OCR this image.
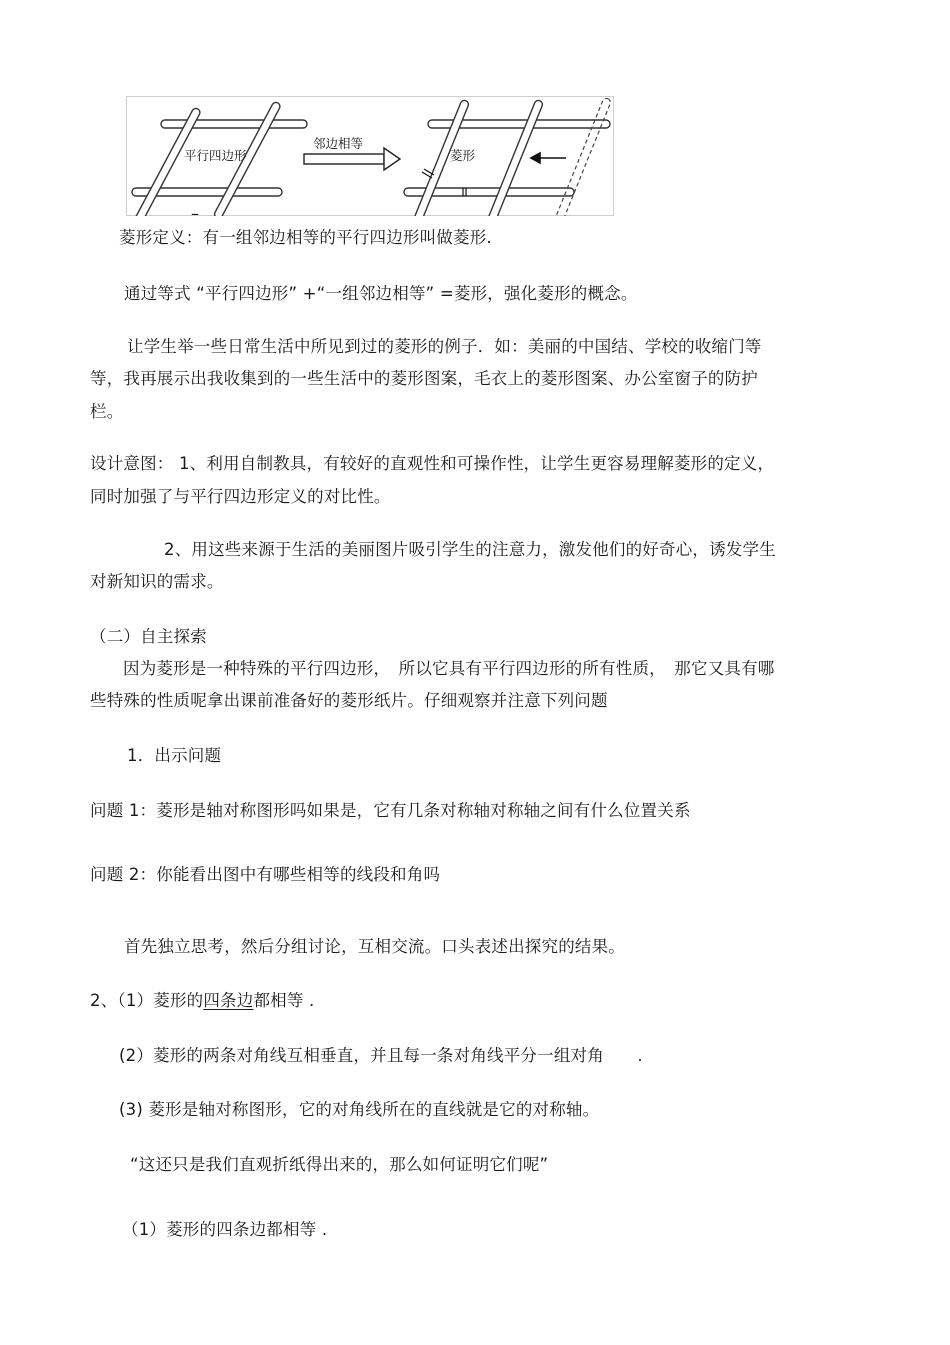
平行四边形
邻边相等
菱形
–
菱形定义：有一组邻边相等的平行四边形叫做菱形.
通过等式 “平行四边形” +“一组邻边相等” =菱形，强化菱形的概念。
让学生举一些日常生活中所见到过的菱形的例子．如：美丽的中国结、学校的收缩门等
等，我再展示出我收集到的一些生活中的菱形图案，毛衣上的菱形图案、办公室窗子的防护
栏。
设计意图： 1、利用自制教具，有较好的直观性和可操作性，让学生更容易理解菱形的定义，
同时加强了与平行四边形定义的对比性。
2、用这些来源于生活的美丽图片吸引学生的注意力，激发他们的好奇心，诱发学生
对新知识的需求。
（二）自主探索
因为菱形是一种特殊的平行四边形，　所以它具有平行四边形的所有性质，　那它又具有哪
些特殊的性质呢拿出课前准备好的菱形纸片。仔细观察并注意下列问题
1．出示问题
问题 1：菱形是轴对称图形吗如果是，它有几条对称轴对称轴之间有什么位置关系
问题 2：你能看出图中有哪些相等的线段和角吗
首先独立思考，然后分组讨论，互相交流。口头表述出探究的结果。
2、（1）菱形的四条边都相等 .
(2）菱形的两条对角线互相垂直，并且每一条对角线平分一组对角　　.
(3) 菱形是轴对称图形，它的对角线所在的直线就是它的对称轴。
“这还只是我们直观折纸得出来的，那么如何证明它们呢”
（1）菱形的四条边都相等 .
